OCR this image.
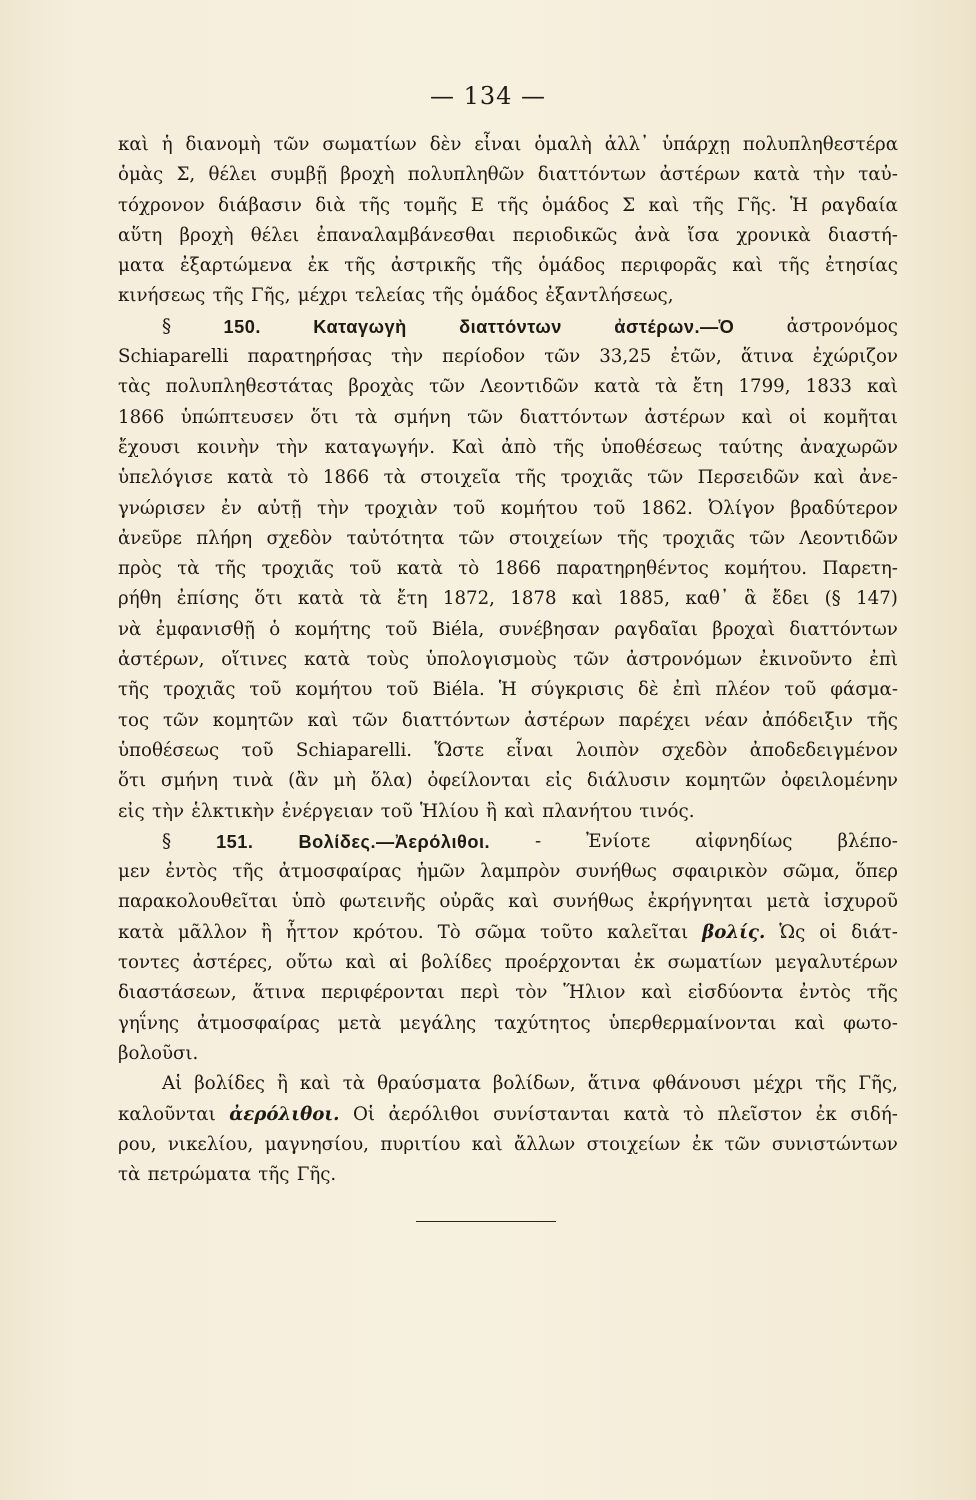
— 134 —
καὶ ἡ διανομὴ τῶν σωματίων δὲν εἶναι ὁμαλὴ ἀλλ᾽ ὑπάρχῃ πολυπληθεστέρα
ὁμὰς Σ, θέλει συμβῇ βροχὴ πολυπληθῶν διαττόντων ἀστέρων κατὰ τὴν ταὐ-
τόχρονον διάβασιν διὰ τῆς τομῆς Ε τῆς ὁμάδος Σ καὶ τῆς Γῆς. Ἡ ραγδαία
αὕτη βροχὴ θέλει ἐπαναλαμβάνεσθαι περιοδικῶς ἀνὰ ἴσα χρονικὰ διαστή-
ματα ἐξαρτώμενα ἐκ τῆς ἀστρικῆς τῆς ὁμάδος περιφορᾶς καὶ τῆς ἐτησίας
κινήσεως τῆς Γῆς, μέχρι τελείας τῆς ὁμάδος ἐξαντλήσεως,
§	150.	Καταγωγὴ	διαττόντων	ἀστέρων.—Ὁ	ἀστρονόμος
Schiaparelli παρατηρήσας τὴν περίοδον τῶν 33,25 ἐτῶν, ἅτινα ἐχώριζον
τὰς πολυπληθεστάτας βροχὰς τῶν Λεοντιδῶν κατὰ τὰ ἔτη 1799, 1833 καὶ
1866 ὑπώπτευσεν ὅτι τὰ σμήνη τῶν διαττόντων ἀστέρων καὶ οἱ κομῆται
ἔχουσι κοινὴν τὴν καταγωγήν. Καὶ ἀπὸ τῆς ὑποθέσεως ταύτης ἀναχωρῶν
ὑπελόγισε κατὰ τὸ 1866 τὰ στοιχεῖα τῆς τροχιᾶς τῶν Περσειδῶν καὶ ἀνε-
γνώρισεν ἐν αὐτῇ τὴν τροχιὰν τοῦ κομήτου τοῦ 1862. Ὀλίγον βραδύτερον
ἀνεῦρε πλήρη σχεδὸν ταὐτότητα τῶν στοιχείων τῆς τροχιᾶς τῶν Λεοντιδῶν
πρὸς τὰ τῆς τροχιᾶς τοῦ κατὰ τὸ 1866 παρατηρηθέντος κομήτου. Παρετη-
ρήθη ἐπίσης ὅτι κατὰ τὰ ἔτη 1872, 1878 καὶ 1885, καθ᾽ ἃ ἔδει (§ 147)
νὰ ἐμφανισθῇ ὁ κομήτης τοῦ Biéla, συνέβησαν ραγδαῖαι βροχαὶ διαττόντων
ἀστέρων, οἵτινες κατὰ τοὺς ὑπολογισμοὺς τῶν ἀστρονόμων ἐκινοῦντο ἐπὶ
τῆς τροχιᾶς τοῦ κομήτου τοῦ Biéla. Ἡ σύγκρισις δὲ ἐπὶ πλέον τοῦ φάσμα-
τος τῶν κομητῶν καὶ τῶν διαττόντων ἀστέρων παρέχει νέαν ἀπόδειξιν τῆς
ὑποθέσεως τοῦ Schiaparelli. Ὥστε εἶναι λοιπὸν σχεδὸν ἀποδεδειγμένον
ὅτι σμήνη τινὰ (ἂν μὴ ὅλα) ὀφείλονται εἰς διάλυσιν κομητῶν ὀφειλομένην
εἰς τὴν ἑλκτικὴν ἐνέργειαν τοῦ Ἡλίου ἢ καὶ πλανήτου τινός.
§ 151. Βολίδες.—Ἀερόλιθοι. - Ἐνίοτε αἰφνηδίως βλέπο-
μεν ἐντὸς τῆς ἀτμοσφαίρας ἡμῶν λαμπρὸν συνήθως σφαιρικὸν σῶμα, ὅπερ
παρακολουθεῖται ὑπὸ φωτεινῆς οὐρᾶς καὶ συνήθως ἐκρήγνηται μετὰ ἰσχυροῦ
κατὰ μᾶλλον ἢ ἧττον κρότου. Τὸ σῶμα τοῦτο καλεῖται βολίς. Ὡς οἱ διάτ-
τοντες ἀστέρες, οὕτω καὶ αἱ βολίδες προέρχονται ἐκ σωματίων μεγαλυτέρων
διαστάσεων, ἅτινα περιφέρονται περὶ τὸν Ἥλιον καὶ εἰσδύοντα ἐντὸς τῆς
γηΐνης ἀτμοσφαίρας μετὰ μεγάλης ταχύτητος ὑπερθερμαίνονται καὶ φωτο-
βολοῦσι.
Αἱ βολίδες ἢ καὶ τὰ θραύσματα βολίδων, ἅτινα φθάνουσι μέχρι τῆς Γῆς,
καλοῦνται ἀερόλιθοι. Οἱ ἀερόλιθοι συνίστανται κατὰ τὸ πλεῖστον ἐκ σιδή-
ρου, νικελίου, μαγνησίου, πυριτίου καὶ ἄλλων στοιχείων ἐκ τῶν συνιστώντων
τὰ πετρώματα τῆς Γῆς.
